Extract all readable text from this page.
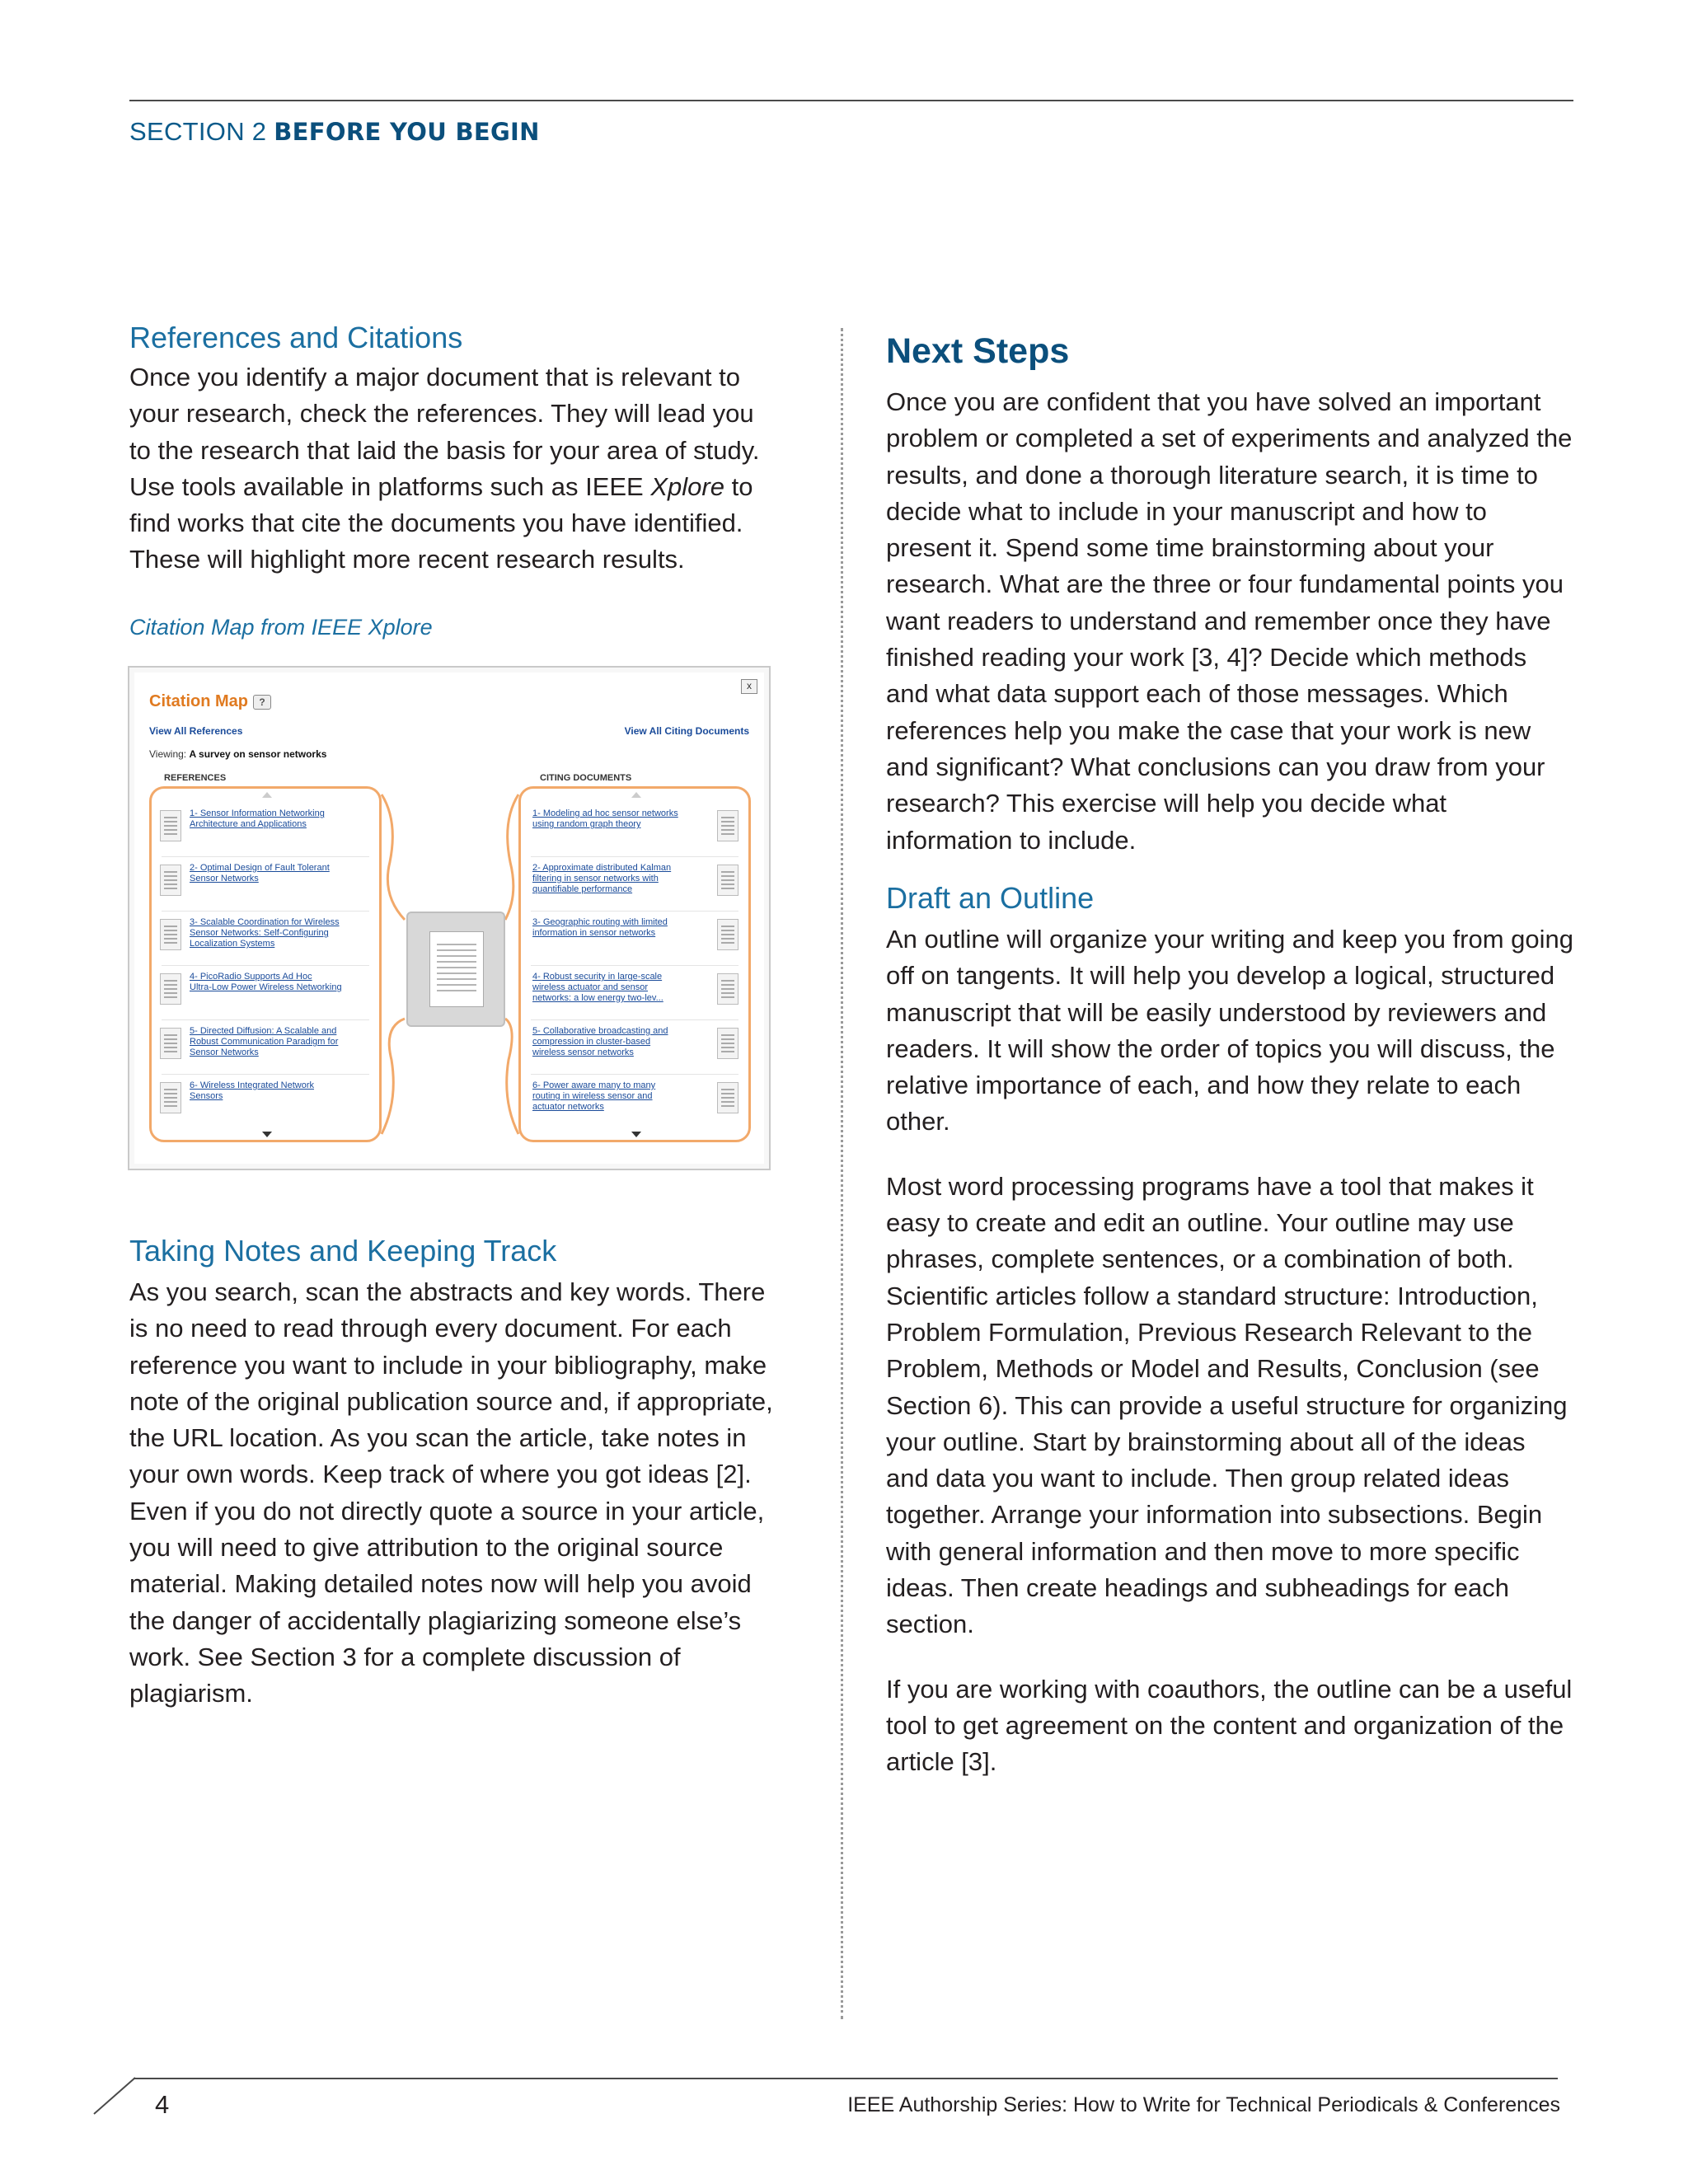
SECTION 2 BEFORE YOU BEGIN
References and Citations

Once you identify a major document that is relevant to your research, check the references. They will lead you to the research that laid the basis for your area of study. Use tools available in platforms such as IEEE Xplore to find works that cite the documents you have identified. These will highlight more recent research results.

Citation Map from IEEE Xplore
Citation Map ?
x
View All References	View All Citing Documents
Viewing: A survey on sensor networks
REFERENCES	CITING DOCUMENTS
1- Sensor Information Networking
Architecture and Applications
2- Optimal Design of Fault Tolerant
Sensor Networks
3- Scalable Coordination for Wireless
Sensor Networks: Self-Configuring
Localization Systems
4- PicoRadio Supports Ad Hoc
Ultra-Low Power Wireless Networking
5- Directed Diffusion: A Scalable and
Robust Communication Paradigm for
Sensor Networks
6- Wireless Integrated Network
Sensors
1- Modeling ad hoc sensor networks
using random graph theory
2- Approximate distributed Kalman
filtering in sensor networks with
quantifiable performance
3- Geographic routing with limited
information in sensor networks
4- Robust security in large-scale
wireless actuator and sensor
networks: a low energy two-lev...
5- Collaborative broadcasting and
compression in cluster-based
wireless sensor networks
6- Power aware many to many
routing in wireless sensor and
actuator networks
Taking Notes and Keeping Track

As you search, scan the abstracts and key words. There is no need to read through every document. For each reference you want to include in your bibliography, make note of the original publication source and, if appropriate, the URL location. As you scan the article, take notes in your own words. Keep track of where you got ideas [2]. Even if you do not directly quote a source in your article, you will need to give attribution to the original source material. Making detailed notes now will help you avoid the danger of accidentally plagiarizing someone else’s work. See Section 3 for a complete discussion of plagiarism.

Next Steps

Once you are confident that you have solved an important problem or completed a set of experiments and analyzed the results, and done a thorough literature search, it is time to decide what to include in your manuscript and how to present it. Spend some time brainstorming about your research. What are the three or four fundamental points you want readers to understand and remember once they have finished reading your work [3, 4]? Decide which methods and what data support each of those messages. Which references help you make the case that your work is new and significant? What conclusions can you draw from your research? This exercise will help you decide what information to include.

Draft an Outline

An outline will organize your writing and keep you from going off on tangents. It will help you develop a logical, structured manuscript that will be easily understood by reviewers and readers. It will show the order of topics you will discuss, the relative importance of each, and how they relate to each other.

Most word processing programs have a tool that makes it easy to create and edit an outline. Your outline may use phrases, complete sentences, or a combination of both. Scientific articles follow a standard structure: Introduction, Problem Formulation, Previous Research Relevant to the Problem, Methods or Model and Results, Conclusion (see Section 6). This can provide a useful structure for organizing your outline. Start by brainstorming about all of the ideas and data you want to include. Then group related ideas together. Arrange your information into subsections. Begin with general information and then move to more specific ideas. Then create headings and subheadings for each section.

If you are working with coauthors, the outline can be a useful tool to get agreement on the content and organization of the article [3].

4	IEEE Authorship Series: How to Write for Technical Periodicals & Conferences
